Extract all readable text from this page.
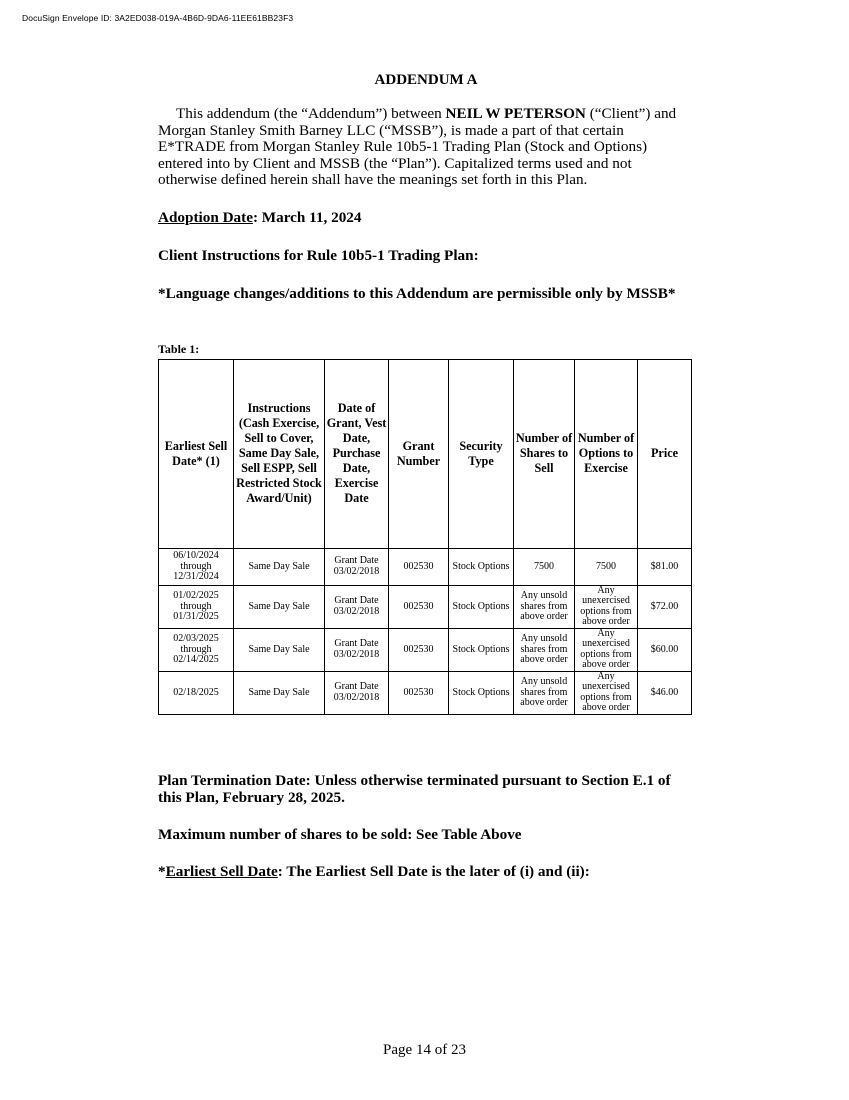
DocuSign Envelope ID: 3A2ED038-019A-4B6D-9DA6-11EE61BB23F3
ADDENDUM A

This addendum (the “Addendum”) between NEIL W PETERSON (“Client”) and Morgan Stanley Smith Barney LLC (“MSSB”), is made a part of that certain E*TRADE from Morgan Stanley Rule 10b5-1 Trading Plan (Stock and Options) entered into by Client and MSSB (the “Plan”). Capitalized terms used and not otherwise defined herein shall have the meanings set forth in this Plan.

Adoption Date: March 11, 2024

Client Instructions for Rule 10b5-1 Trading Plan:

*Language changes/additions to this Addendum are permissible only by MSSB*

Table 1:
Earliest Sell Date* (1)	Instructions (Cash Exercise, Sell to Cover, Same Day Sale, Sell ESPP, Sell Restricted Stock Award/Unit)	Date of Grant, Vest Date, Purchase Date, Exercise Date	Grant Number	Security Type	Number of Shares to Sell	Number of Options to Exercise	Price
06/10/2024 through 12/31/2024	Same Day Sale	Grant Date 03/02/2018	002530	Stock Options	7500	7500	$81.00
01/02/2025 through 01/31/2025	Same Day Sale	Grant Date 03/02/2018	002530	Stock Options	Any unsold shares from above order	Any unexercised options from above order	$72.00
02/03/2025 through 02/14/2025	Same Day Sale	Grant Date 03/02/2018	002530	Stock Options	Any unsold shares from above order	Any unexercised options from above order	$60.00
02/18/2025	Same Day Sale	Grant Date 03/02/2018	002530	Stock Options	Any unsold shares from above order	Any unexercised options from above order	$46.00

Plan Termination Date: Unless otherwise terminated pursuant to Section E.1 of this Plan, February 28, 2025.

Maximum number of shares to be sold: See Table Above

*Earliest Sell Date: The Earliest Sell Date is the later of (i) and (ii):

Page 14 of 23
